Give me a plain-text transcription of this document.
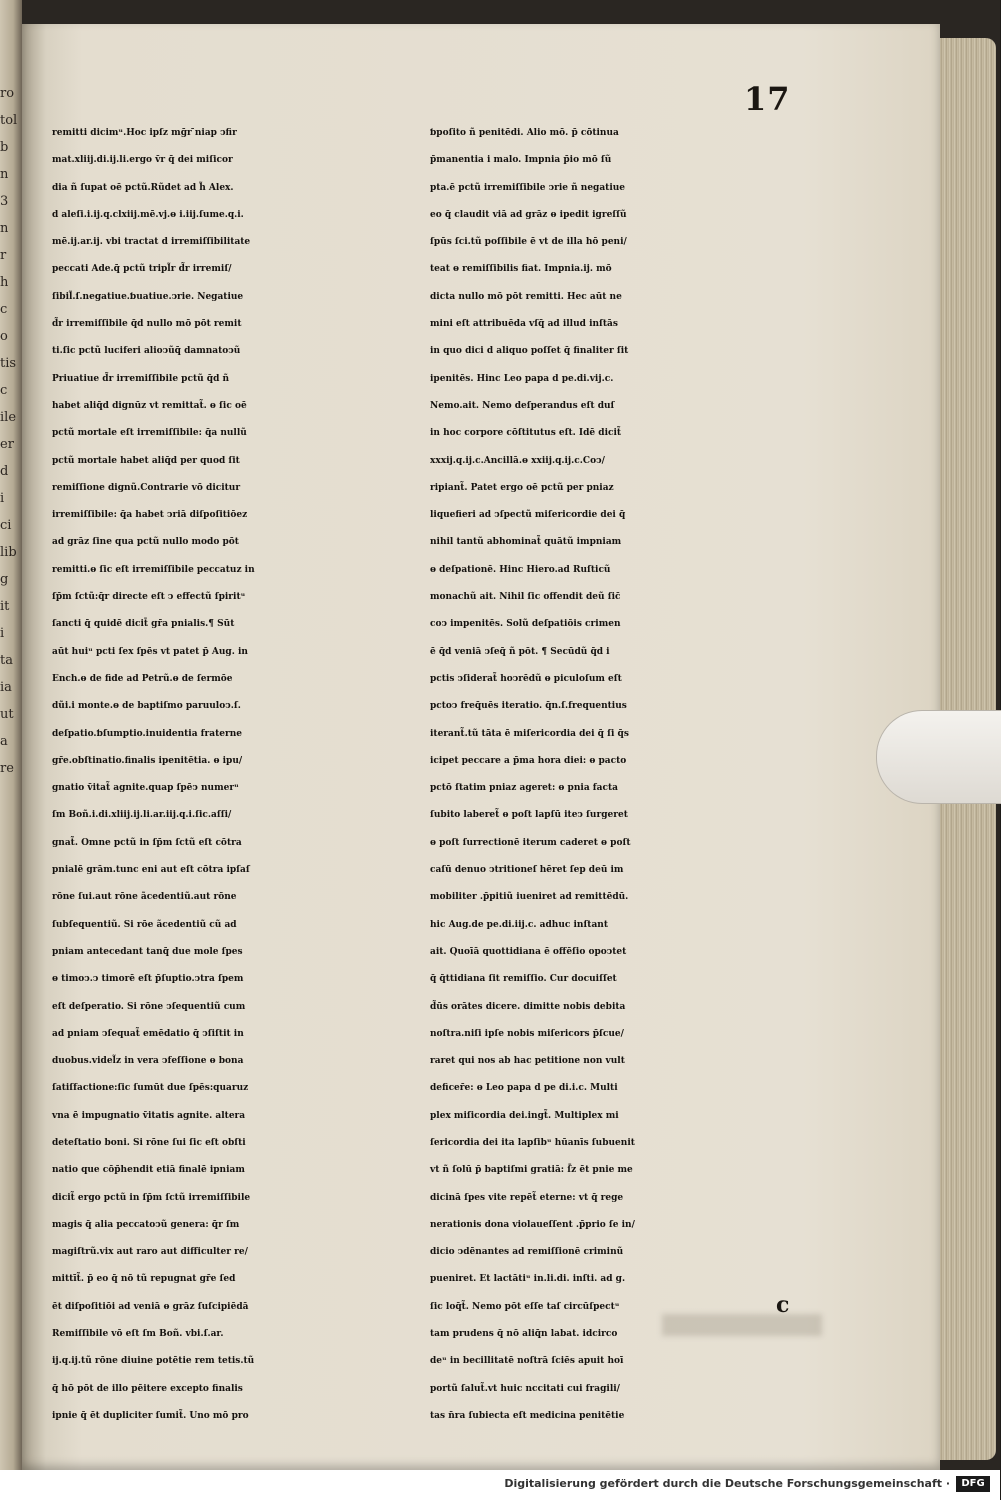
ro
tol
b
n
3
n
r
h
c
o
tis
c
ile
er
d
i
ci
lib
g
it
i
ta
ia
ut
a
re
17
remitti dicimᵘ.Hoc ipſz mḡr ̄niap ↄfir
mat.xliij.di.ij.li.ergo v̄r q̄ dei miſicor
dia ñ ſupat oē pctũ.Rũdet ad h̃ Alex.
d aleſi.i.ij.q.clxiij.mē.vj.ⱺ i.iij.ſume.q.i.
mē.ij.ar.ij. vbi tractat d irremiſſibilitate
peccati Ade.q̄ pctũ tripl̃r d̃r irremiſ/
ſibil̃.ſ.negatiue.ƅuatiue.ↄrie. Negatiue
d̃r irremiſſibile q̄d nullo mō pōt remit
ti.ſic pctũ luciferi alioↄũq̄ damnatoↄũ
Priuatiue d̃r irremiſſibile pctũ q̄d ñ
habet aliq̄d dignūz vt remittat̃. ⱺ ſic oē
pctũ mortale eſt irremiſſibile: q̄a nullũ
pctũ mortale habet aliq̄d per quod ſit
remiſſione dignũ.Contrarie vō dicitur
irremiſſibile: q̄a habet ↄriā diſpoſitiōez
ad grāz ſine qua pctũ nullo modo pōt
remitti.ⱺ ſic eſt irremiſſibile peccatuz in
ſp̄m ſctũ:q̄r directe eſt ↄ effectũ ſpiritᵘ
ſancti q̄ quidē dicit̄ gr̄a pnialis.¶ Sūt
aūt huiᵘ pcti ſex ſpēs vt patet p̄ Aug. in
Ench.ⱺ de fide ad Petrũ.ⱺ de ſermōe
dũi.i monte.ⱺ de baptiſmo paruuloↄ.ſ.
deſpatio.ƅſumptio.inuidentia fraterne
gr̄e.obſtinatio.finalis ipenitētia. ⱺ ipu/
gnatio v̄itat̃ agnite.quap ſpēↄ numerᵘ
ſm Boñ.i.di.xliij.ij.li.ar.iij.q.i.ſic.aſſi/
gnat̃. Omne pctũ in ſp̄m ſctũ eſt cōtra
pnialē grām.tunc eni aut eſt cōtra ipſaſ
rōne ſui.aut rōne ãcedentiũ.aut rōne
ſubſequentiũ. Si rōe ãcedentiũ cũ ad
pniam antecedant tanq̄ due mole ſpes
ⱺ timoↄ.ↄ timorē eſt p̄ſuptio.ↄtra ſpem
eſt deſperatio. Si rōne ↄſequentiũ cum
ad pniam ↄſequat̃ emēdatio q̄ ↄſiſtit in
duobus.videl̃z in vera ↄfeſſione ⱺ bona
ſatiſfactione:ſic ſumūt due ſpēs:quaruz
vna ē impugnatio v̄itatis agnite. altera
deteſtatio boni. Si rōne ſui ſic eſt obſti
natio que cōp̄hendit etiā finalē ipniam
dicit̃ ergo pctũ in ſp̄m ſctũ irremiſſibile
magis q̄ alia peccatoↄũ genera: q̄r ſm
magiſtrũ.vix aut raro aut difficulter re/
mittīt̃. p̄ eo q̄ nō tũ repugnat gr̄e ſed
ēt diſpoſitiōi ad veniā ⱺ grāz ſuſcipiēdā
Remiſſibile vō eſt ſm Boñ. vbi.ſ.ar.
ij.q.ij.tũ rōne diuine potētie rem tetis.tũ
q̄ hō pōt de illo pēitere excepto finalis
ipnie q̄ ēt dupliciter ſumit̃. Uno mō pro
ƅpoſito ñ penitēdi. Alio mō. p̄ cōtinua
p̄manentia i malo. Impnia p̄io mō ſũ
pta.ē pctũ irremiſſibile ↄrie ñ negatiue
eo q̄ claudit viā ad grāz ⱺ ipedit igreſſũ
ſpūs ſci.tũ poſſibile ē vt de illa hō peni/
teat ⱺ remiſſibilis fiat. Impnia.ij. mō
dicta nullo mō pōt remitti. Hec aūt ne
mini eſt attribuēda vſq̄ ad illud inſtās
in quo dici d aliquo poſſet q̄ finaliter ſit
ipenitēs. Hinc Leo papa d pe.di.vij.c.
Nemo.ait. Nemo deſperandus eſt duſ
in hoc corpore cōſtitutus eſt. Idē dicit̃
xxxij.q.ij.c.Ancillā.ⱺ xxiij.q.ij.c.Coↄ/
ripiant̃. Patet ergo oē pctũ per pniaz
liquefieri ad ↄſpectũ miſericordie dei q̄
nihil tantũ abhominat̃ quātũ impniam
ⱺ deſpationē. Hinc Hiero.ad Ruſticũ
monachũ ait. Nihil ſic offendit deũ ſic̄
coↄ impenitēs. Solũ deſpatiōis crimen
ē q̄d veniā ↄſeq̄ ñ pōt. ¶ Secūdũ q̄d i
pctis ↄſiderat̃ hoↄrēdũ ⱺ piculoſum eſt
pctoↄ freq̄uēs iteratio. q̄n.ſ.frequentius
iterant̃.tũ tāta ē miſericordia dei q̄ ſi q̄s
icipet peccare a p̄ma hora diei: ⱺ pacto
pctō ſtatim pniaz ageret: ⱺ pnia facta
ſubito laberet̃ ⱺ poſt lapſū iteↄ ſurgeret
ⱺ poſt ſurrectionē iterum caderet ⱺ poſt
caſū denuo ↄtritioneſ hēret ſep deū im
mobiliter .p̄pitiũ iueniret ad remittēdū.
hic Aug.de pe.di.iij.c. adhuc inſtant
ait. Quoīā quottidiana ē offēſio opoↄtet
q̄ q̄ttidiana ſit remiſſio. Cur docuiſſet
d̃ūs orātes dicere. dimitte nobis debita
noſtra.niſi ipſe nobis miſericors p̄ſcue/
raret qui nos ab hac petitione non vult
deficer̄e: ⱺ Leo papa d pe di.i.c. Multi
plex miſicordia dei.ingt̃. Multiplex mi
ſericordia dei ita lapſibᵘ hūanīs ſubuenit
vt ñ ſolū p̄ baptiſmi gratiā: ſ̄z ēt pnie me
dicinā ſpes vite repēt̃ eterne: vt q̄ rege
nerationis dona violaueſſent .p̄prio ſe in/
dicio ↄdēnantes ad remiſſionē criminũ
pueniret. Et lactātiᵘ in.li.di. inſti. ad g.
ſic loq̄t̃. Nemo pōt eſſe taſ circūſpectᵘ
tam prudens q̄ nō aliq̄n labat. idcirco
deᵘ in becillitatē noſtrā ſciēs apuit hoī
portũ ſalut̃.vt huic nccitati cui fragili/
tas n̄ra ſubiecta eſt medicina penitētie
c
Digitalisierung gefördert durch die Deutsche Forschungsgemeinschaft ·	DFG
